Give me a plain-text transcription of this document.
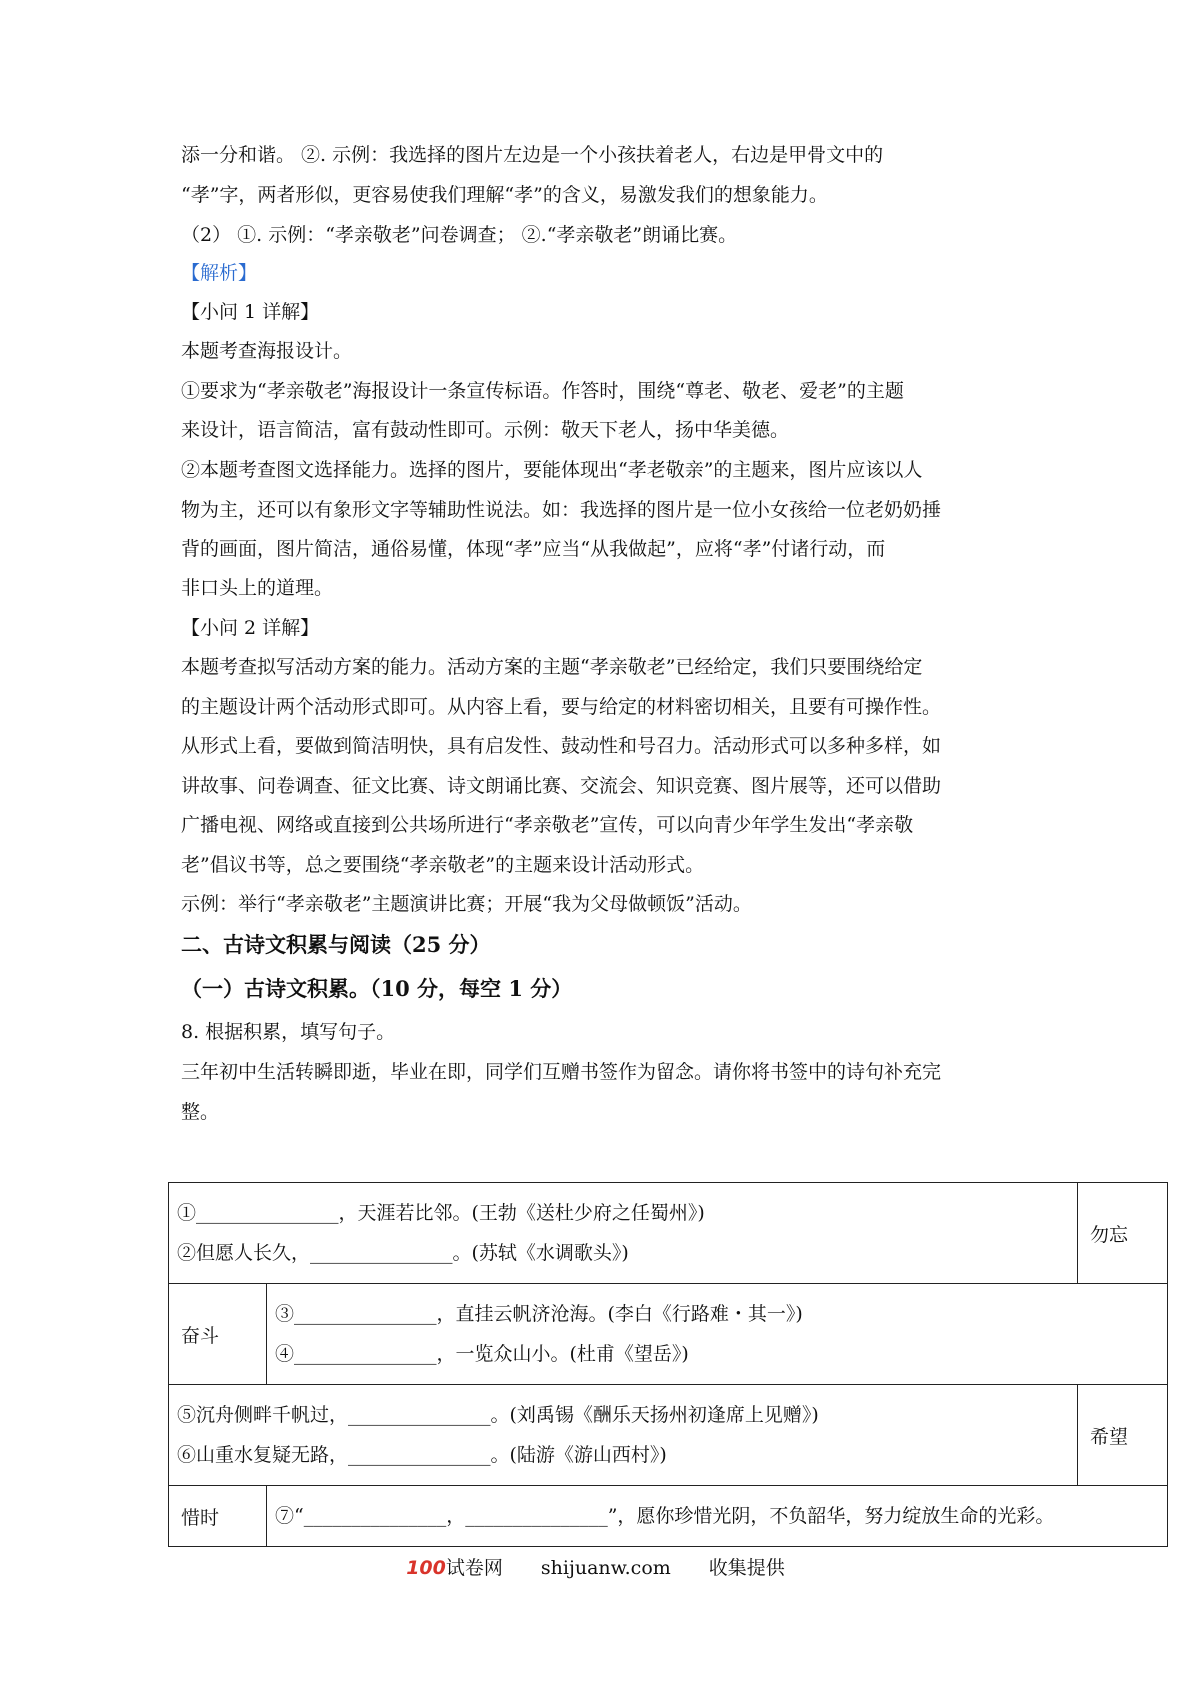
添一分和谐。 ②. 示例：我选择的图片左边是一个小孩扶着老人，右边是甲骨文中的
“孝”字，两者形似，更容易使我们理解“孝”的含义，易激发我们的想象能力。
（2） ①. 示例：“孝亲敬老”问卷调查； ②.“孝亲敬老”朗诵比赛。
【解析】
【小问 1 详解】
本题考查海报设计。
①要求为“孝亲敬老”海报设计一条宣传标语。作答时，围绕“尊老、敬老、爱老”的主题
来设计，语言简洁，富有鼓动性即可。示例：敬天下老人，扬中华美德。
②本题考查图文选择能力。选择的图片，要能体现出“孝老敬亲”的主题来，图片应该以人
物为主，还可以有象形文字等辅助性说法。如：我选择的图片是一位小女孩给一位老奶奶捶
背的画面，图片简洁，通俗易懂，体现“孝”应当“从我做起”，应将“孝”付诸行动，而
非口头上的道理。
【小问 2 详解】
本题考查拟写活动方案的能力。活动方案的主题“孝亲敬老”已经给定，我们只要围绕给定
的主题设计两个活动形式即可。从内容上看，要与给定的材料密切相关，且要有可操作性。
从形式上看，要做到简洁明快，具有启发性、鼓动性和号召力。活动形式可以多种多样，如
讲故事、问卷调查、征文比赛、诗文朗诵比赛、交流会、知识竞赛、图片展等，还可以借助
广播电视、网络或直接到公共场所进行“孝亲敬老”宣传，可以向青少年学生发出“孝亲敬
老”倡议书等，总之要围绕“孝亲敬老”的主题来设计活动形式。
示例：举行“孝亲敬老”主题演讲比赛；开展“我为父母做顿饭”活动。
二、古诗文积累与阅读（25 分）
（一）古诗文积累。（10 分，每空 1 分）
8. 根据积累，填写句子。
三年初中生活转瞬即逝，毕业在即，同学们互赠书签作为留念。请你将书签中的诗句补充完
整。
①_______________，天涯若比邻。(王勃《送杜少府之任蜀州》)
②但愿人长久，_______________。(苏轼《水调歌头》)		勿忘
奋斗	③_______________，直挂云帆济沧海。(李白《行路难・其一》)
④_______________，一览众山小。(杜甫《望岳》)	

⑤沉舟侧畔千帆过，_______________。(刘禹锡《酬乐天扬州初逢席上见赠》)
⑥山重水复疑无路，_______________。(陆游《游山西村》)		希望
惜时	⑦“_______________，_______________”，愿你珍惜光阴，不负韶华，努力绽放生命的光彩。	
100试卷网 shijuanw.com 收集提供
